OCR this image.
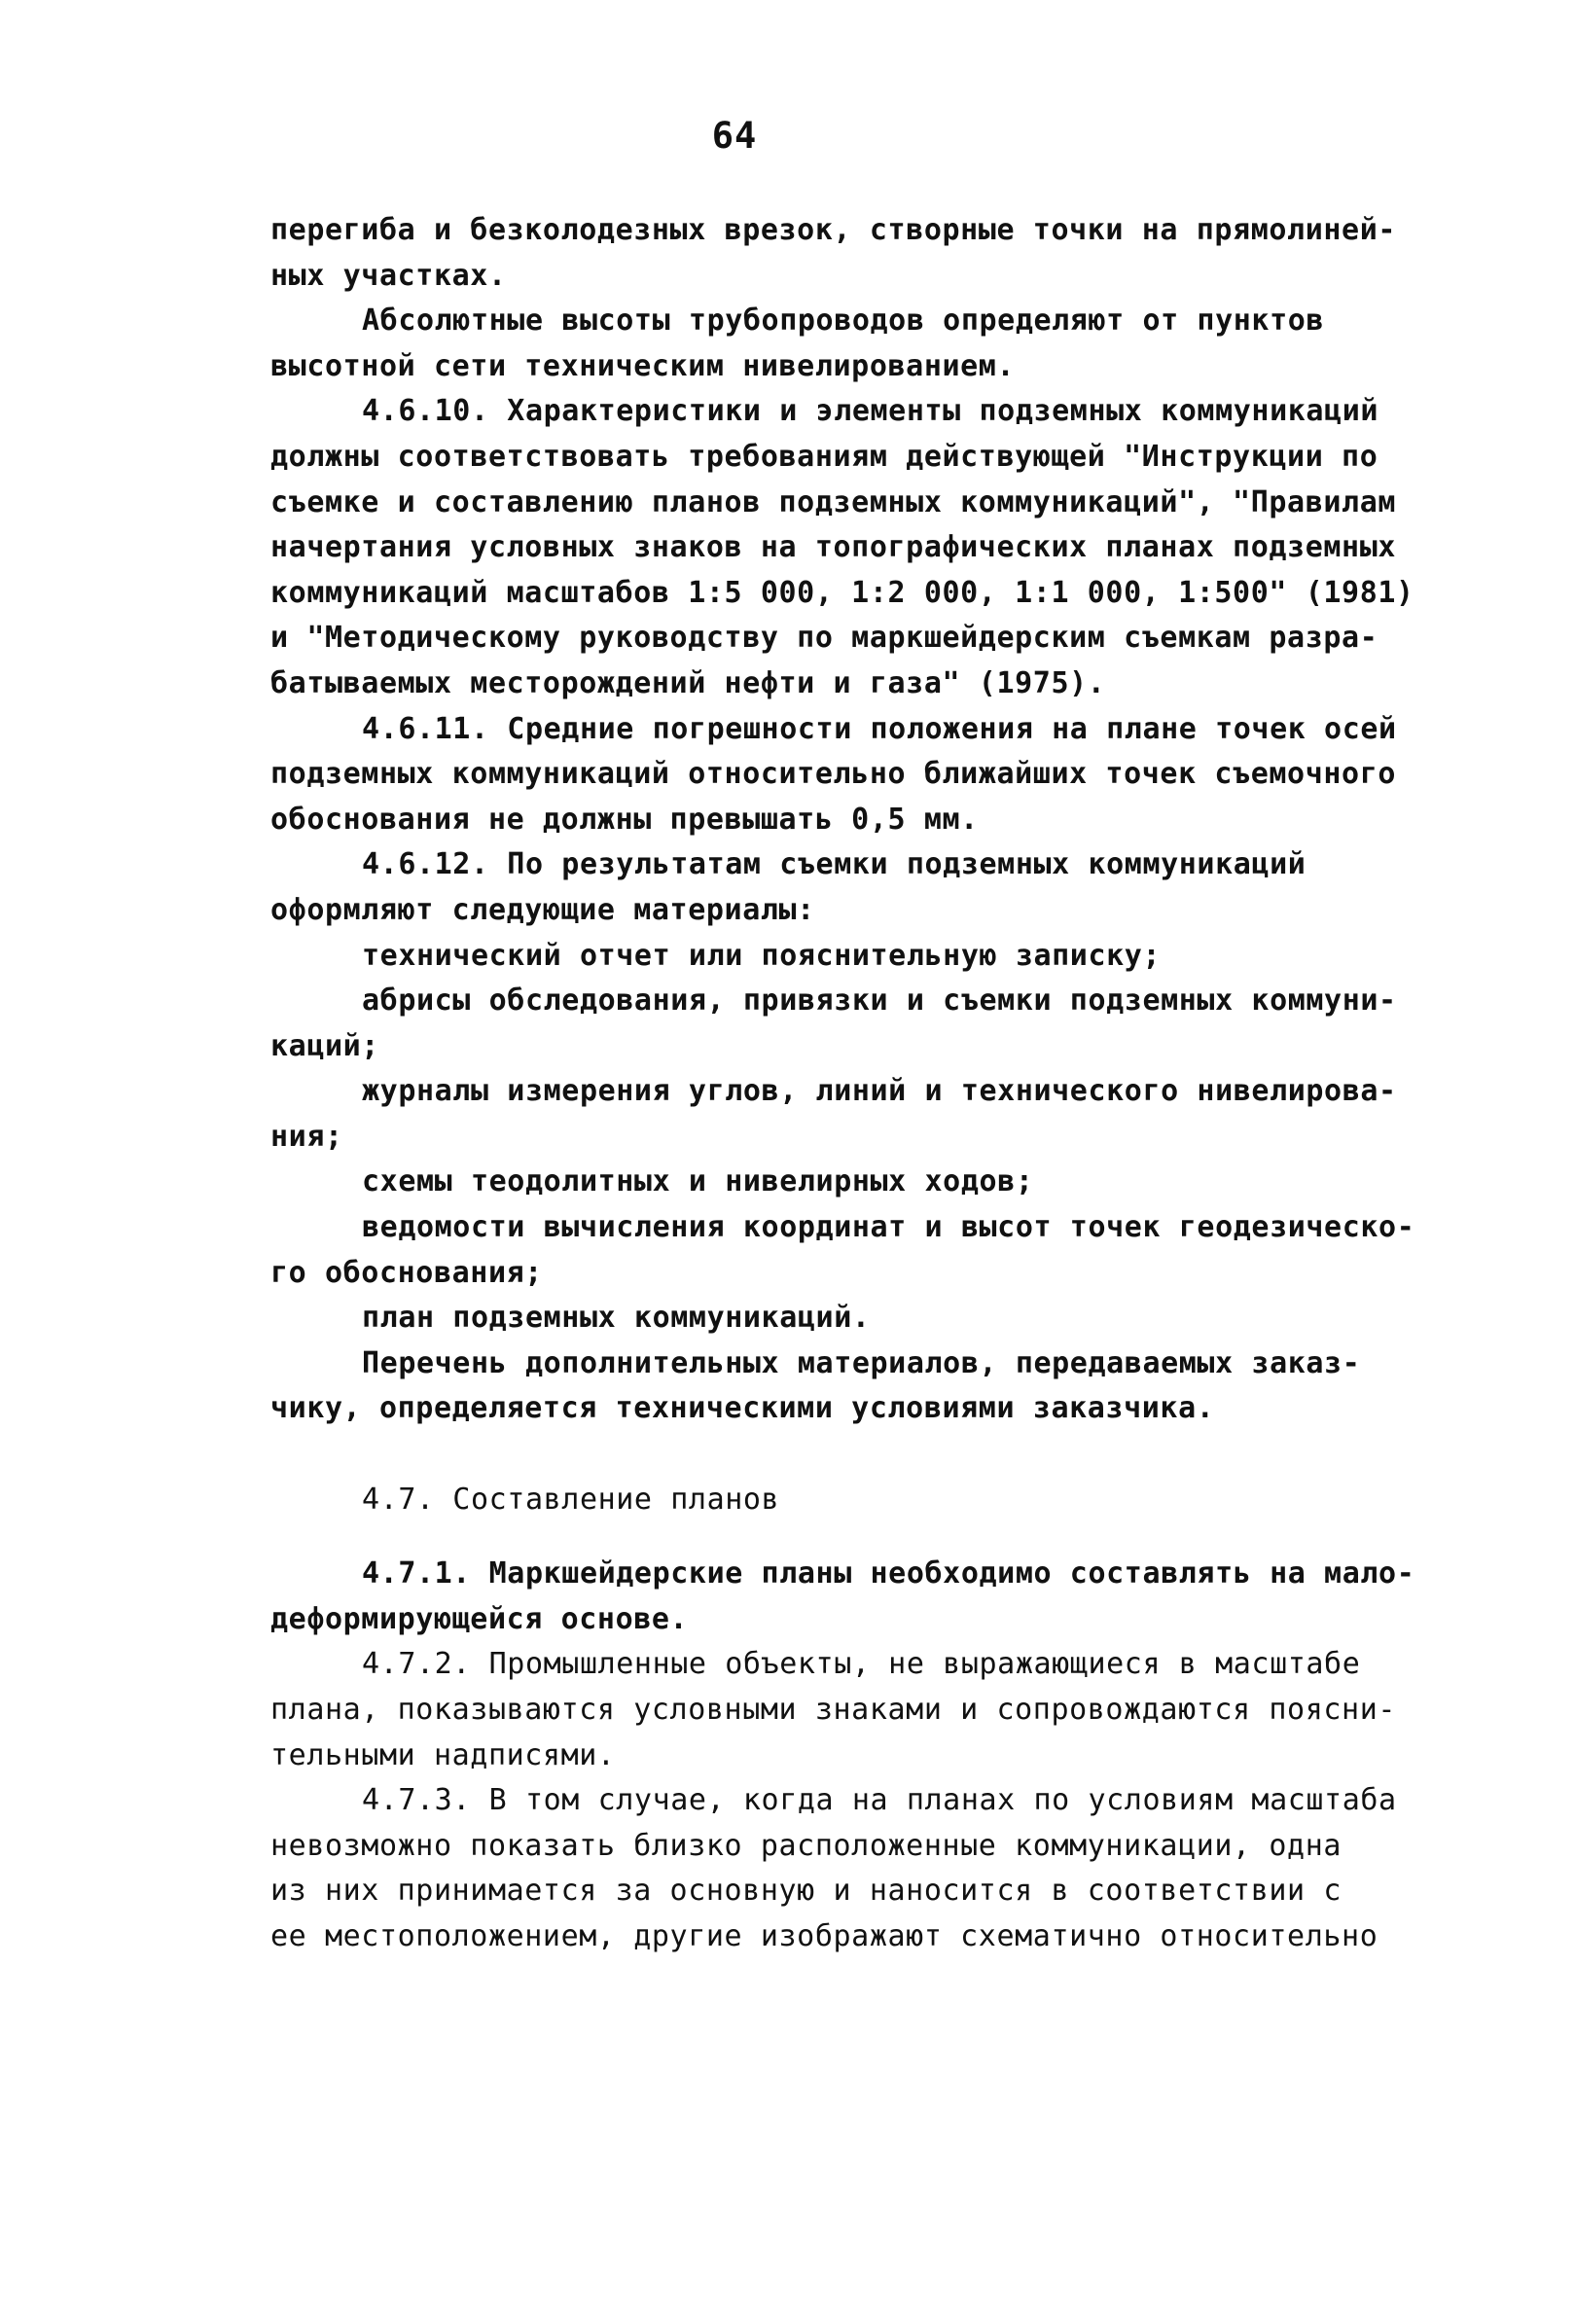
64
перегиба и безколодезных врезок, створные точки на прямолиней-
ных участках.
Абсолютные высоты трубопроводов определяют от пунктов
высотной сети техническим нивелированием.
4.6.10. Характеристики и элементы подземных коммуникаций
должны соответствовать требованиям действующей "Инструкции по
съемке и составлению планов подземных коммуникаций", "Правилам
начертания условных знаков на топографических планах подземных
коммуникаций масштабов 1:5 000, 1:2 000, 1:1 000, 1:500" (1981)
и "Методическому руководству по маркшейдерским съемкам разра-
батываемых месторождений нефти и газа" (1975).
4.6.11. Средние погрешности положения на плане точек осей
подземных коммуникаций относительно ближайших точек съемочного
обоснования не должны превышать 0,5 мм.
4.6.12. По результатам съемки подземных коммуникаций
оформляют следующие материалы:
технический отчет или пояснительную записку;
абрисы обследования, привязки и съемки подземных коммуни-
каций;
журналы измерения углов, линий и технического нивелирова-
ния;
схемы теодолитных и нивелирных ходов;
ведомости вычисления координат и высот точек геодезическо-
го обоснования;
план подземных коммуникаций.
Перечень дополнительных материалов, передаваемых заказ-
чику, определяется техническими условиями заказчика.
4.7. Составление планов
4.7.1. Маркшейдерские планы необходимо составлять на мало-
деформирующейся основе.
4.7.2. Промышленные объекты, не выражающиеся в масштабе
плана, показываются условными знаками и сопровождаются поясни-
тельными надписями.
4.7.3. В том случае, когда на планах по условиям масштаба
невозможно показать близко расположенные коммуникации, одна
из них принимается за основную и наносится в соответствии с
ее местоположением, другие изображают схематично относительно
